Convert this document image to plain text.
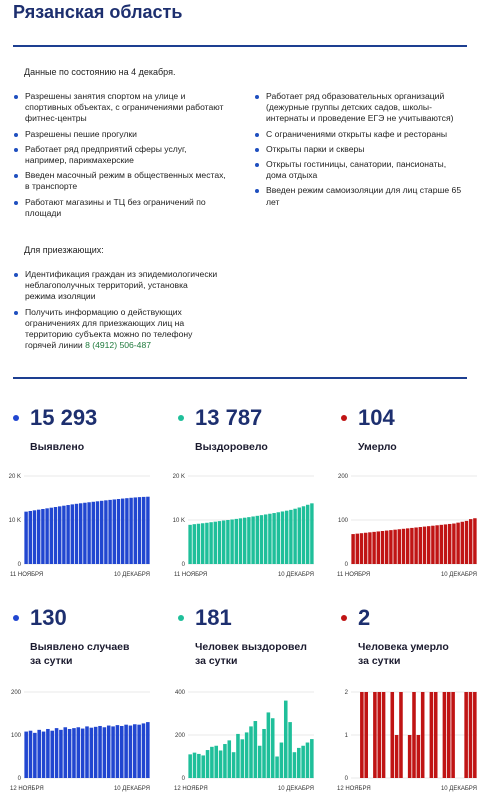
Рязанская область
Данные по состоянию на 4 декабря.
Разрешены занятия спортом на улице и спортивных объектах, с ограничениями работают фитнес-центры
Разрешены пешие прогулки
Работает ряд предприятий сферы услуг, например, парикмахерские
Введен масочный режим в общественных местах, в транспорте
Работают магазины и ТЦ без ограничений по площади
Работает ряд образовательных организаций (дежурные группы детских садов, школы-интернаты и проведение ЕГЭ не учитываются)
С ограничениями открыты кафе и рестораны
Открыты парки и скверы
Открыты гостиницы, санатории, пансионаты, дома отдыха
Введен режим самоизоляции для лиц старше 65 лет
Для приезжающих:
Идентификация граждан из эпидемиологически неблагополучных территорий, установка режима изоляции
Получить информацию о действующих ограничениях для приезжающих лиц на территорию субъекта можно по телефону горячей линии 8 (4912) 506-487
15 293
Выявлено
13 787
Выздоровело
104
Умерло
130
Выявлено случаев
за сутки
181
Человек выздоровел
за сутки
2
Человека умерло
за сутки
0
10 K
20 K
11 НОЯБРЯ	10 ДЕКАБРЯ
0
10 K
20 K
11 НОЯБРЯ	10 ДЕКАБРЯ
0
100
200
11 НОЯБРЯ	10 ДЕКАБРЯ
0
100
200
12 НОЯБРЯ	10 ДЕКАБРЯ
0
200
400
12 НОЯБРЯ	10 ДЕКАБРЯ
0
1
2
12 НОЯБРЯ	10 ДЕКАБРЯ
